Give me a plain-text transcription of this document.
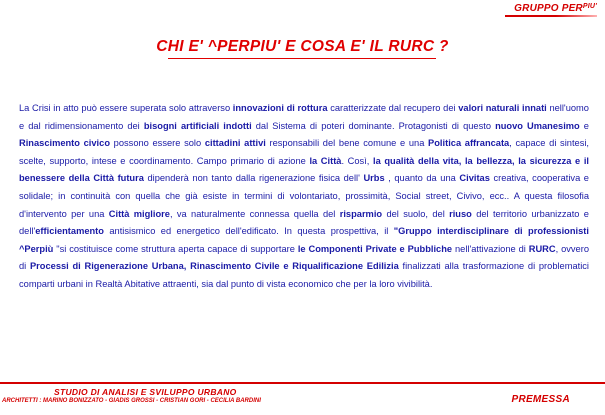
GRUPPO $PER^{PIU'}$
CHI E' ^PERPIU' E COSA E' IL RURC ?
La Crisi in atto può essere superata solo attraverso innovazioni di rottura caratterizzate dal recupero dei valori naturali innati nell'uomo e dal ridimensionamento dei bisogni artificiali indotti dal Sistema di poteri dominante. Protagonisti di questo nuovo Umanesimo e Rinascimento civico possono essere solo cittadini attivi responsabili del bene comune e una Politica affrancata, capace di sintesi, scelte, supporto, intese e coordinamento. Campo primario di azione la Città. Così, la qualità della vita, la bellezza, la sicurezza e il benessere della Città futura dipenderà non tanto dalla rigenerazione fisica dell' Urbs , quanto da una Civitas creativa, cooperativa e solidale; in continuità con quella che già esiste in termini di volontariato, prossimità, Social street, Civivo, ecc.. A questa filosofia d'intervento per una Città migliore, va naturalmente connessa quella del risparmio del suolo, del riuso del territorio urbanizzato e dell'efficientamento antisismico ed energetico dell'edificato. In questa prospettiva, il "Gruppo interdisciplinare di professionisti ^Perpiù "si costituisce come struttura aperta capace di supportare le Componenti Private e Pubbliche nell'attivazione di RURC, ovvero di Processi di Rigenerazione Urbana, Rinascimento Civile e Riqualificazione Edilizia finalizzati alla trasformazione di problematici comparti urbani in Realtà Abitative attraenti, sia dal punto di vista economico che per la loro vivibilità.
STUDIO DI ANALISI E SVILUPPO URBANO
ARCHITETTI : MARINO BONIZZATO - GIADIS GROSSI - CRISTIAN GORI - CECILIA BARDINI	PREMESSA
